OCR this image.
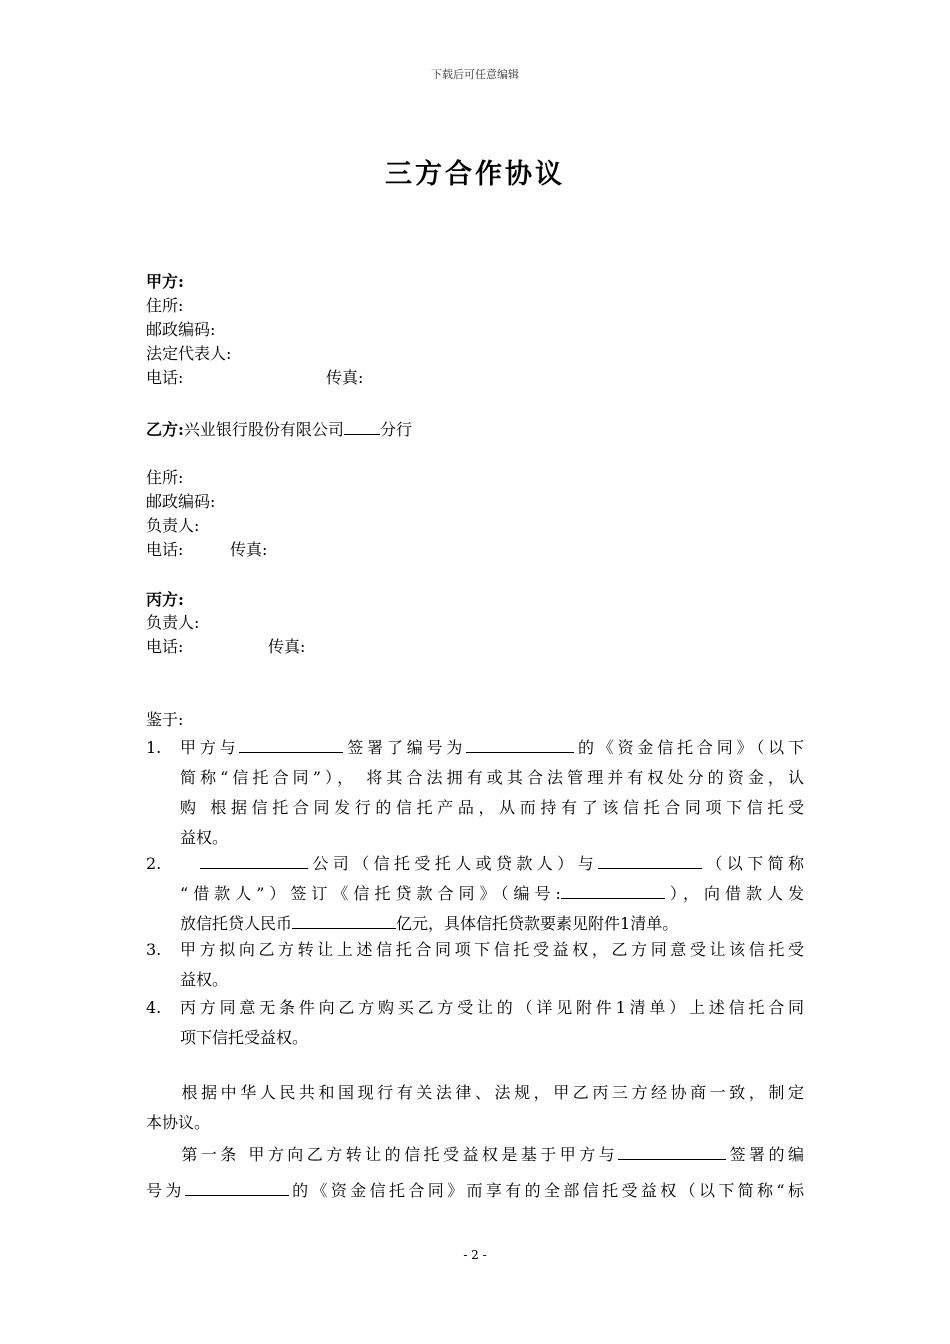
下载后可任意编辑
三方合作协议
甲方:
住所:
邮政编码:
法定代表人:
电话:	传真:
乙方:兴业银行股份有限公司 分行
住所:
邮政编码:
负责人:
电话:	传真:
丙方:
负责人:
电话:	传真:
鉴于:
1. 甲方与	签署了编号为	的《资金信托合同》（以下
简称“信托合同”）， 将其合法拥有或其合法管理并有权处分的资金，认
购 根据信托合同发行的信托产品，从而持有了该信托合同项下信托受
益权。
2.	公司（信托受托人或贷款人）与	（以下简称
“借款人”）签订《信托贷款合同》（编号:	），向借款人发
放信托贷人民币	亿元，具体信托贷款要素见附件1清单。
3. 甲方拟向乙方转让上述信托合同项下信托受益权，乙方同意受让该信托受
益权。
4. 丙方同意无条件向乙方购买乙方受让的（详见附件1清单）上述信托合同
项下信托受益权。
根据中华人民共和国现行有关法律、法规，甲乙丙三方经协商一致，制定
本协议。
第一条 甲方向乙方转让的信托受益权是基于甲方与	签署的编
号为	的《资金信托合同》而享有的全部信托受益权（以下简称“标
- 2 -
